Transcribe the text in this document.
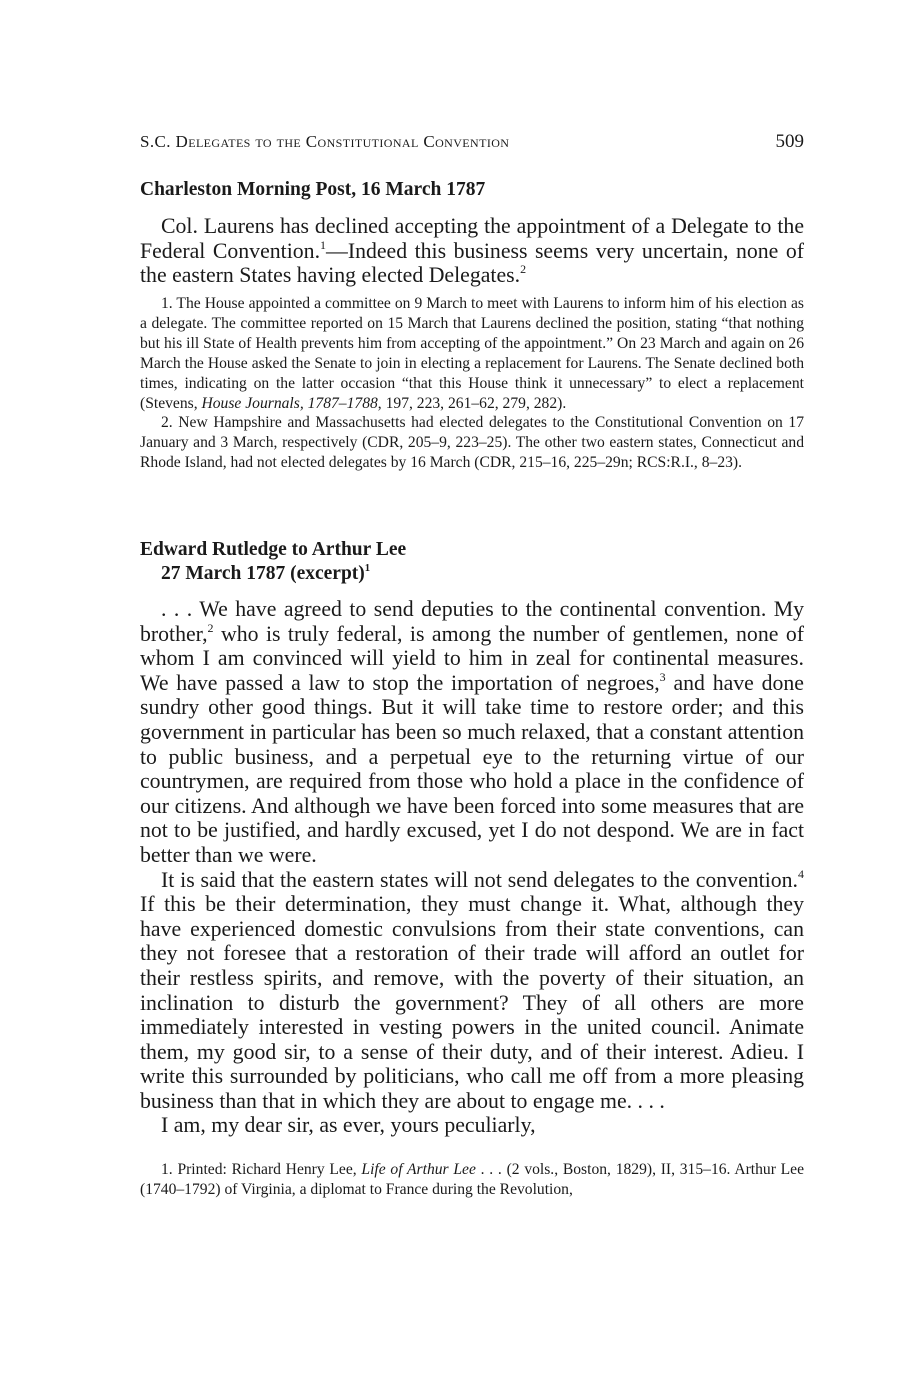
S.C. Delegates to the Constitutional Convention	509
Charleston Morning Post, 16 March 1787

Col. Laurens has declined accepting the appointment of a Delegate to the Federal Convention.$^1$—Indeed this business seems very uncertain, none of the eastern States having elected Delegates.$^2$

1. The House appointed a committee on 9 March to meet with Laurens to inform him of his election as a delegate. The committee reported on 15 March that Laurens declined the position, stating “that nothing but his ill State of Health prevents him from accepting of the appointment.” On 23 March and again on 26 March the House asked the Senate to join in electing a replacement for Laurens. The Senate declined both times, indicating on the latter occasion “that this House think it unnecessary” to elect a replacement (Stevens, House Journals, 1787–1788, 197, 223, 261–62, 279, 282).

2. New Hampshire and Massachusetts had elected delegates to the Constitutional Convention on 17 January and 3 March, respectively (CDR, 205–9, 223–25). The other two eastern states, Connecticut and Rhode Island, had not elected delegates by 16 March (CDR, 215–16, 225–29n; RCS:R.I., 8–23).

Edward Rutledge to Arthur Lee
27 March 1787 (excerpt)$^1$

. . . We have agreed to send deputies to the continental convention. My brother,$^2$ who is truly federal, is among the number of gentlemen, none of whom I am convinced will yield to him in zeal for continental measures. We have passed a law to stop the importation of negroes,$^3$ and have done sundry other good things. But it will take time to restore order; and this government in particular has been so much relaxed, that a constant attention to public business, and a perpetual eye to the returning virtue of our countrymen, are required from those who hold a place in the confidence of our citizens. And although we have been forced into some measures that are not to be justified, and hardly excused, yet I do not despond. We are in fact better than we were.

It is said that the eastern states will not send delegates to the convention.$^4$ If this be their determination, they must change it. What, although they have experienced domestic convulsions from their state conventions, can they not foresee that a restoration of their trade will afford an outlet for their restless spirits, and remove, with the poverty of their situation, an inclination to disturb the government? They of all others are more immediately interested in vesting powers in the united council. Animate them, my good sir, to a sense of their duty, and of their interest. Adieu. I write this surrounded by politicians, who call me off from a more pleasing business than that in which they are about to engage me. . . .

I am, my dear sir, as ever, yours peculiarly,

1. Printed: Richard Henry Lee, Life of Arthur Lee . . . (2 vols., Boston, 1829), II, 315–16. Arthur Lee (1740–1792) of Virginia, a diplomat to France during the Revolution,
